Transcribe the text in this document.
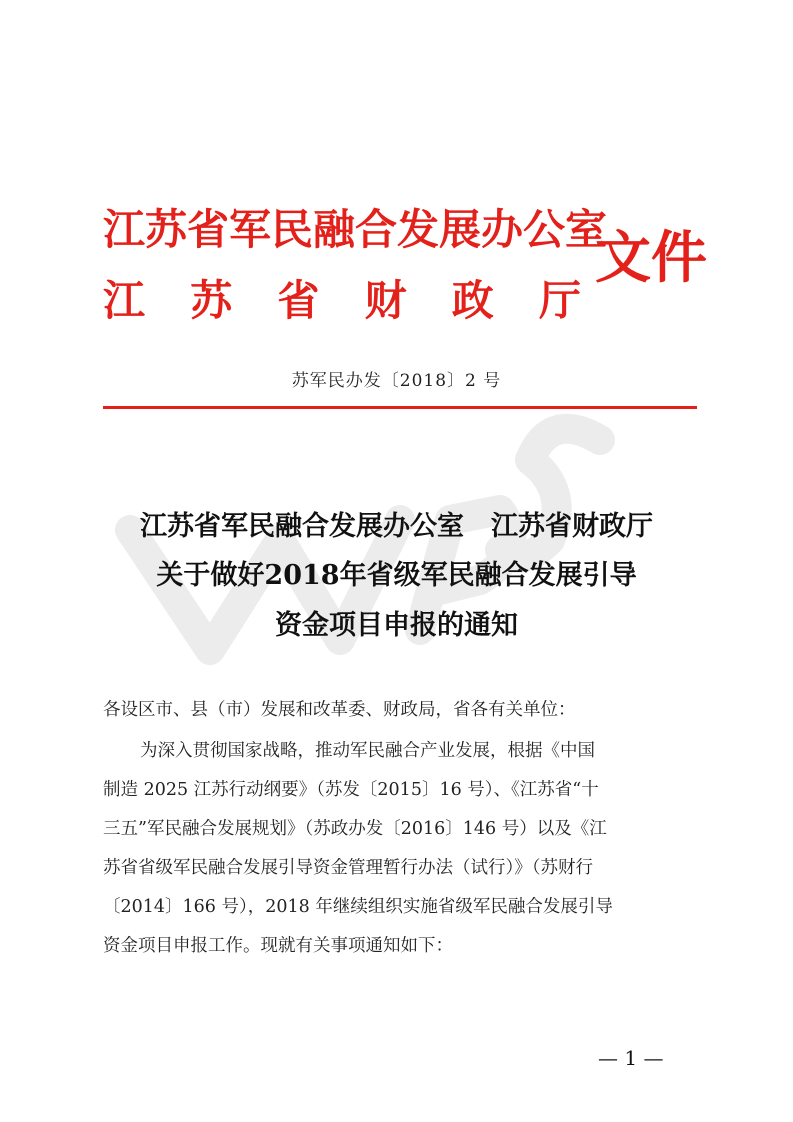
江苏省军民融合发展办公室
江 苏 省 财 政 厅
文件
苏军民办发〔2018〕2 号
江苏省军民融合发展办公室　江苏省财政厅
关于做好2018年省级军民融合发展引导
资金项目申报的通知
各设区市、县（市）发展和改革委、财政局，省各有关单位：
为深入贯彻国家战略，推动军民融合产业发展，根据《中国
制造 2025 江苏行动纲要》（苏发〔2015〕16 号）、《江苏省“十
三五”军民融合发展规划》（苏政办发〔2016〕146 号）以及《江
苏省省级军民融合发展引导资金管理暂行办法（试行）》（苏财行
〔2014〕166 号），2018 年继续组织实施省级军民融合发展引导
资金项目申报工作。现就有关事项通知如下：
— 1 —
